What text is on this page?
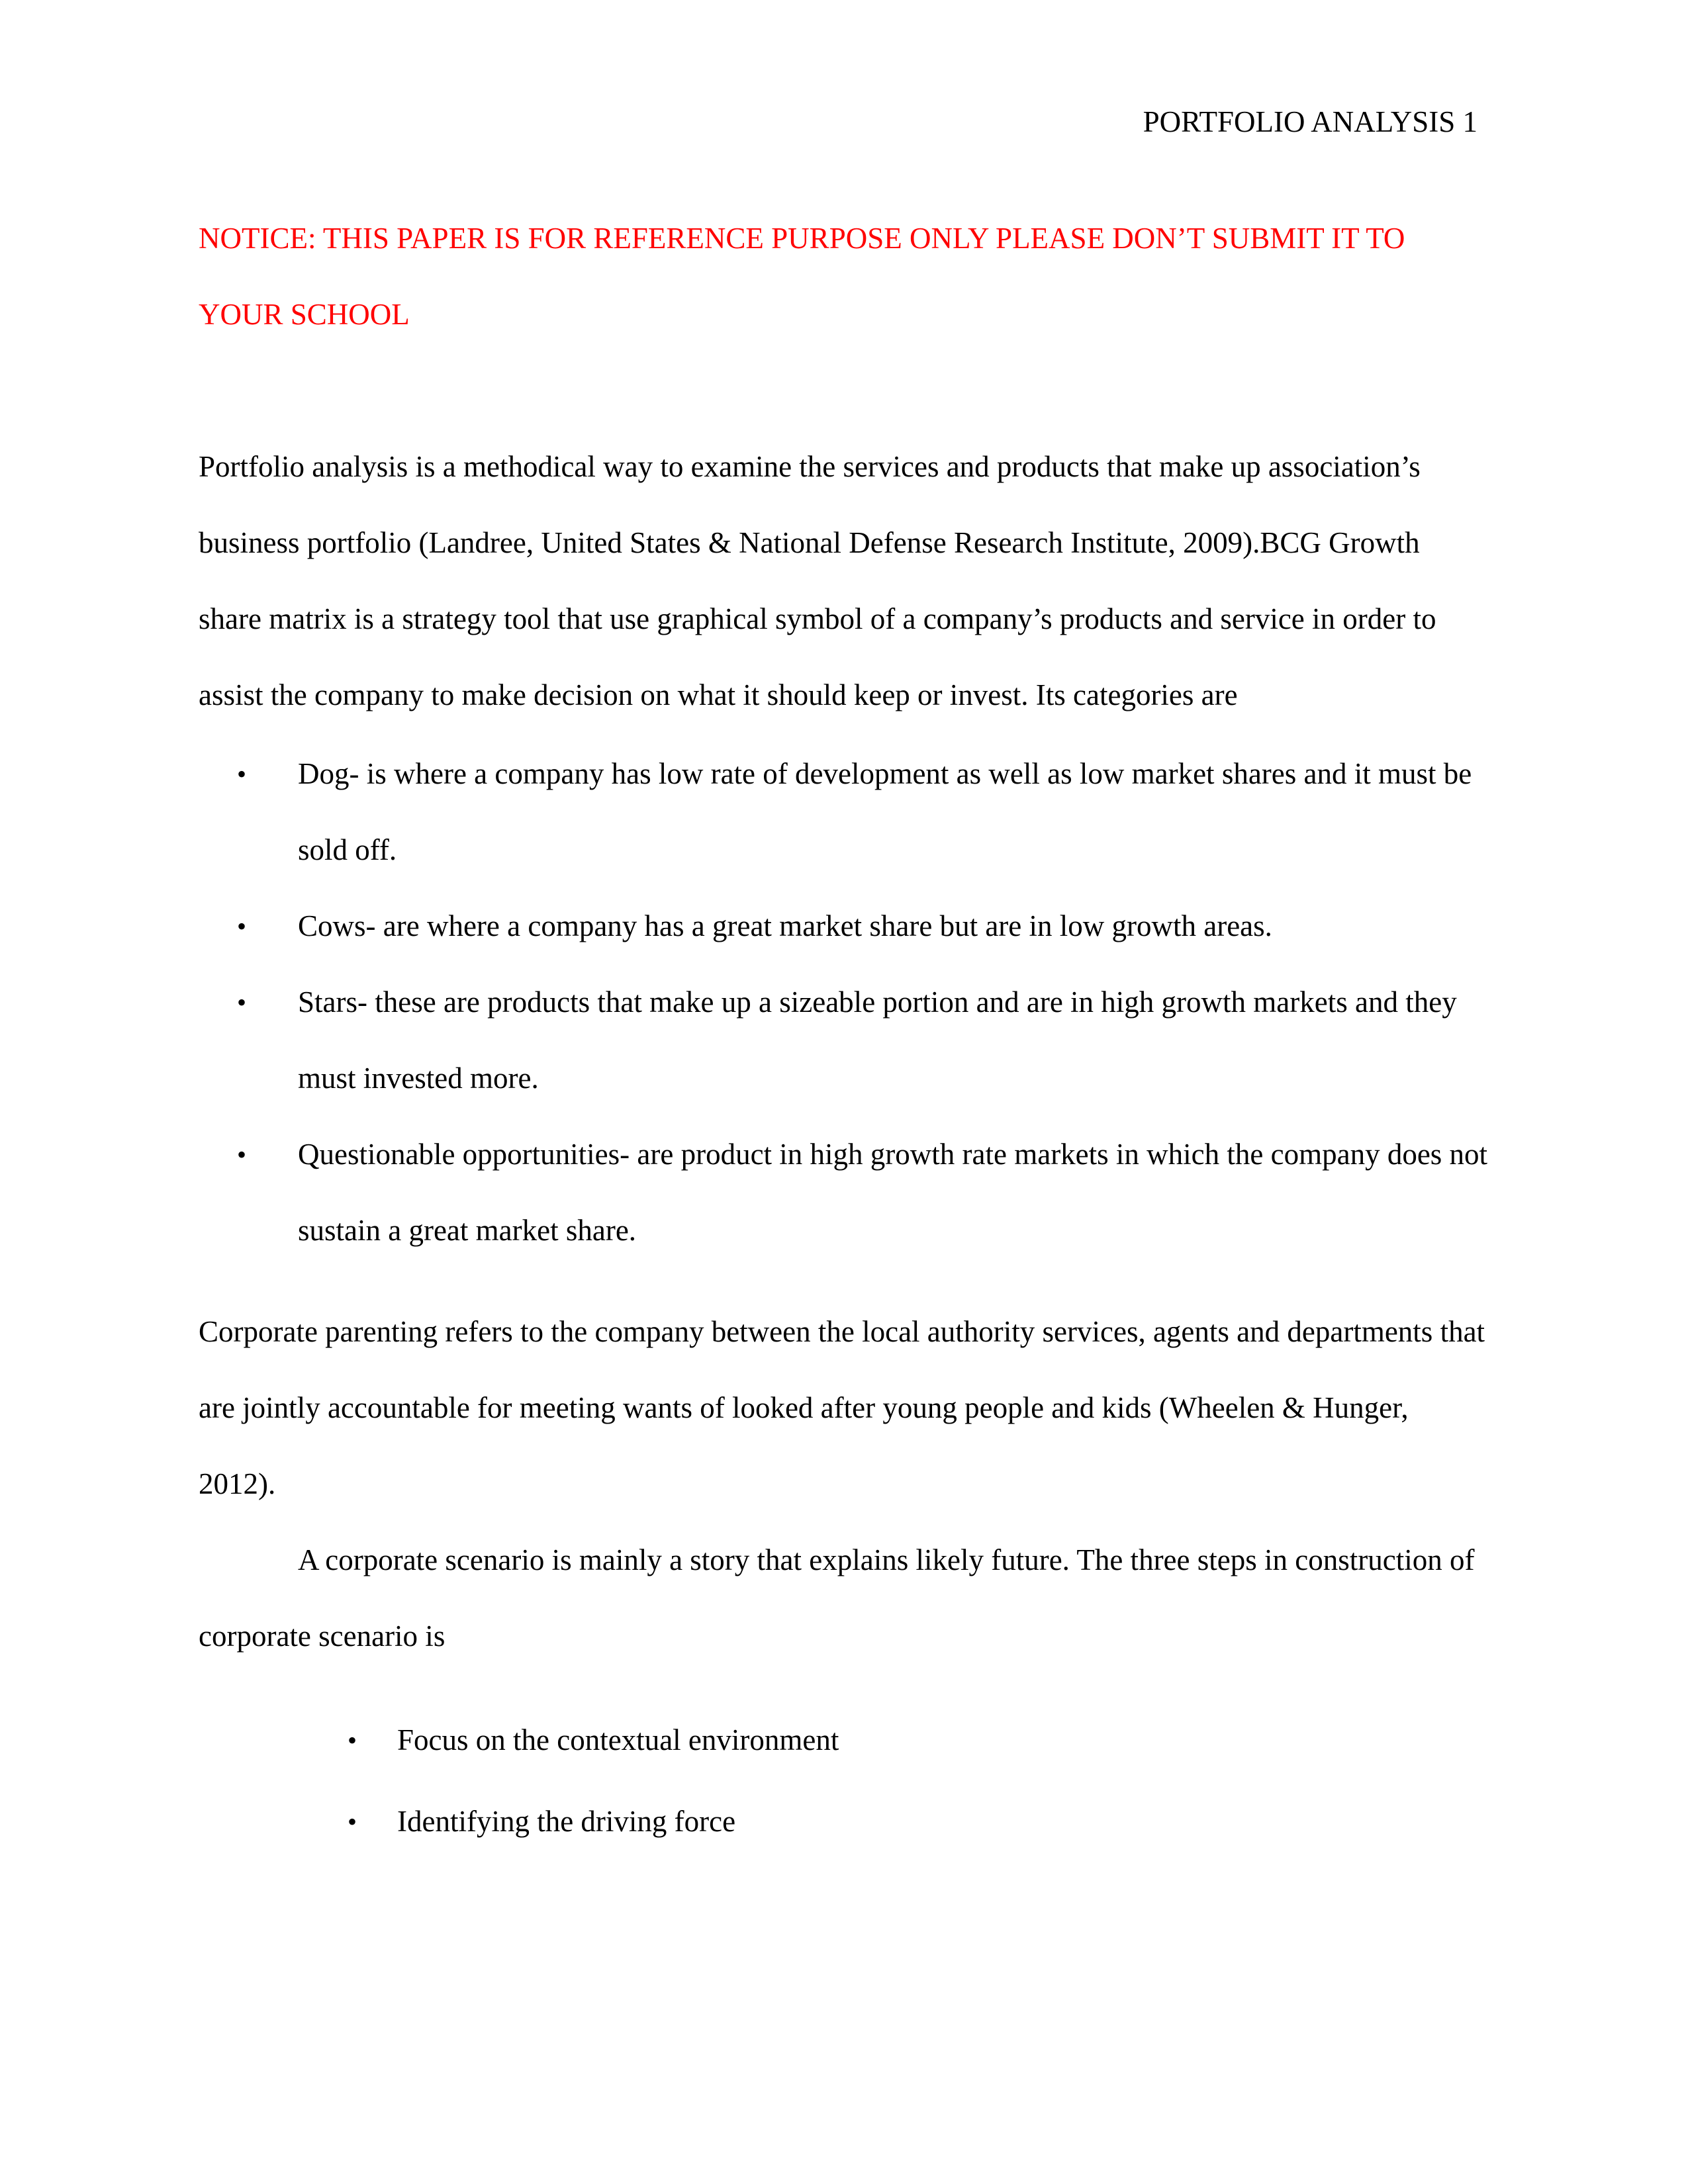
PORTFOLIO ANALYSIS 1

NOTICE: THIS PAPER IS FOR REFERENCE PURPOSE ONLY PLEASE DON’T SUBMIT IT TO YOUR SCHOOL

Portfolio analysis is a methodical way to examine the services and products that make up association’s business portfolio (Landree, United States & National Defense Research Institute, 2009).BCG Growth share matrix is a strategy tool that use graphical symbol of a company’s products and service in order to assist the company to make decision on what it should keep or invest. Its categories are

• Dog- is where a company has low rate of development as well as low market shares and it must be sold off.
• Cows- are where a company has a great market share but are in low growth areas.
• Stars- these are products that make up a sizeable portion and are in high growth markets and they must invested more.
• Questionable opportunities- are product in high growth rate markets in which the company does not sustain a great market share.

Corporate parenting refers to the company between the local authority services, agents and departments that are jointly accountable for meeting wants of looked after young people and kids (Wheelen & Hunger, 2012).

A corporate scenario is mainly a story that explains likely future. The three steps in construction of corporate scenario is

• Focus on the contextual environment
• Identifying the driving force
